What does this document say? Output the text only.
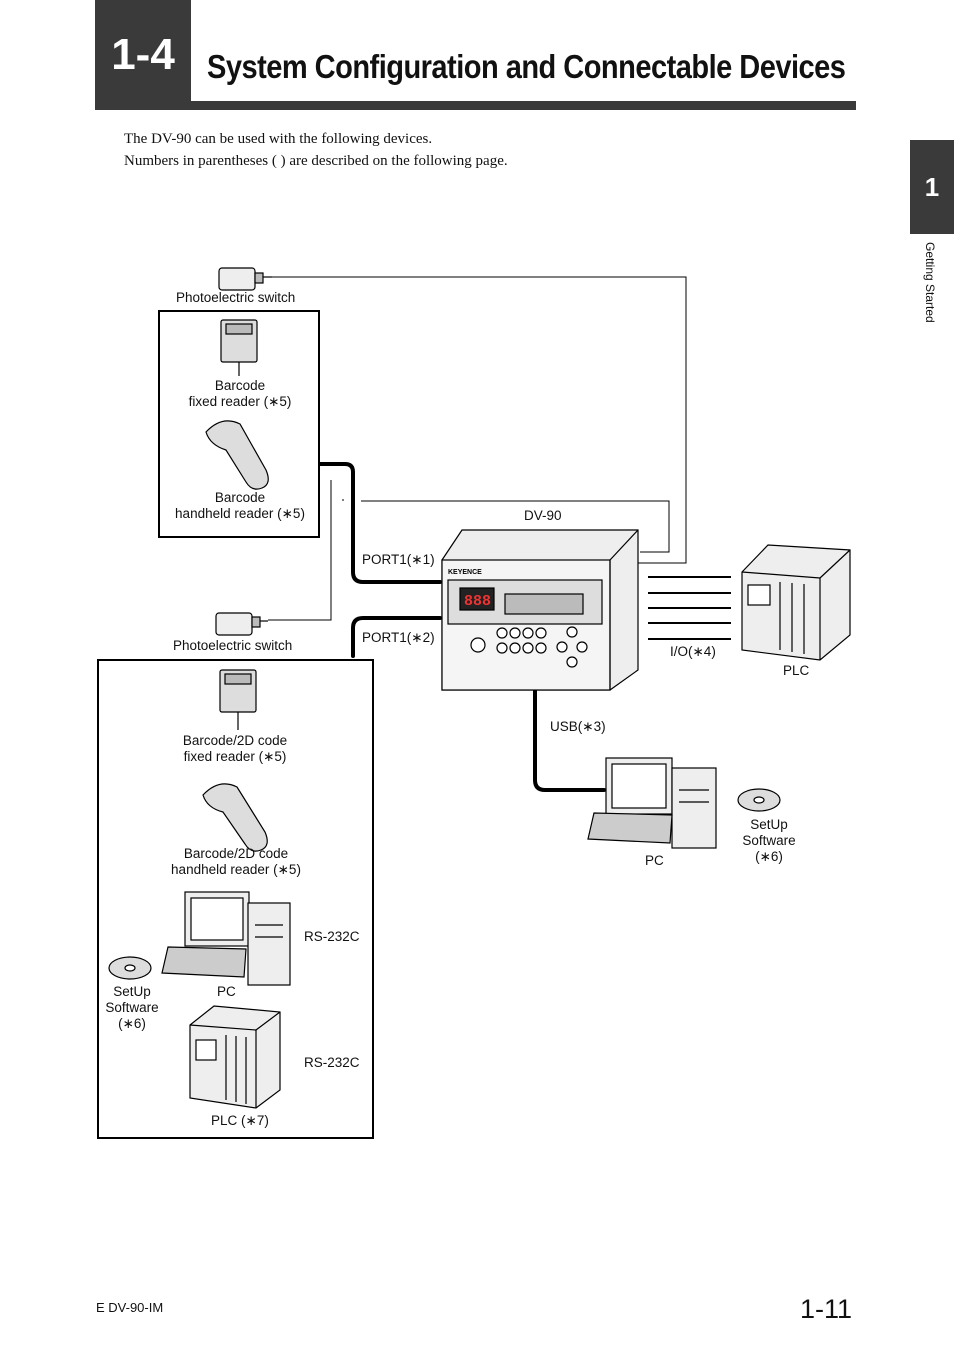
1-4 System Configuration and Connectable Devices
The DV-90 can be used with the following devices.
Numbers in parentheses ( ) are described on the following page.
1
Getting Started
KEYENCE
888
Photoelectric switch
Barcode
fixed reader (∗5)
Barcode
handheld reader (∗5)
Photoelectric switch
Barcode/2D code
fixed reader (∗5)
Barcode/2D code
handheld reader (∗5)
RS-232C
PC
SetUp
Software
(∗6)
RS-232C
PLC (∗7)
DV-90
PORT1(∗1)
PORT1(∗2)
I/O(∗4)
PLC
USB(∗3)
PC
SetUp
Software
(∗6)
E DV-90-IM	1-11
